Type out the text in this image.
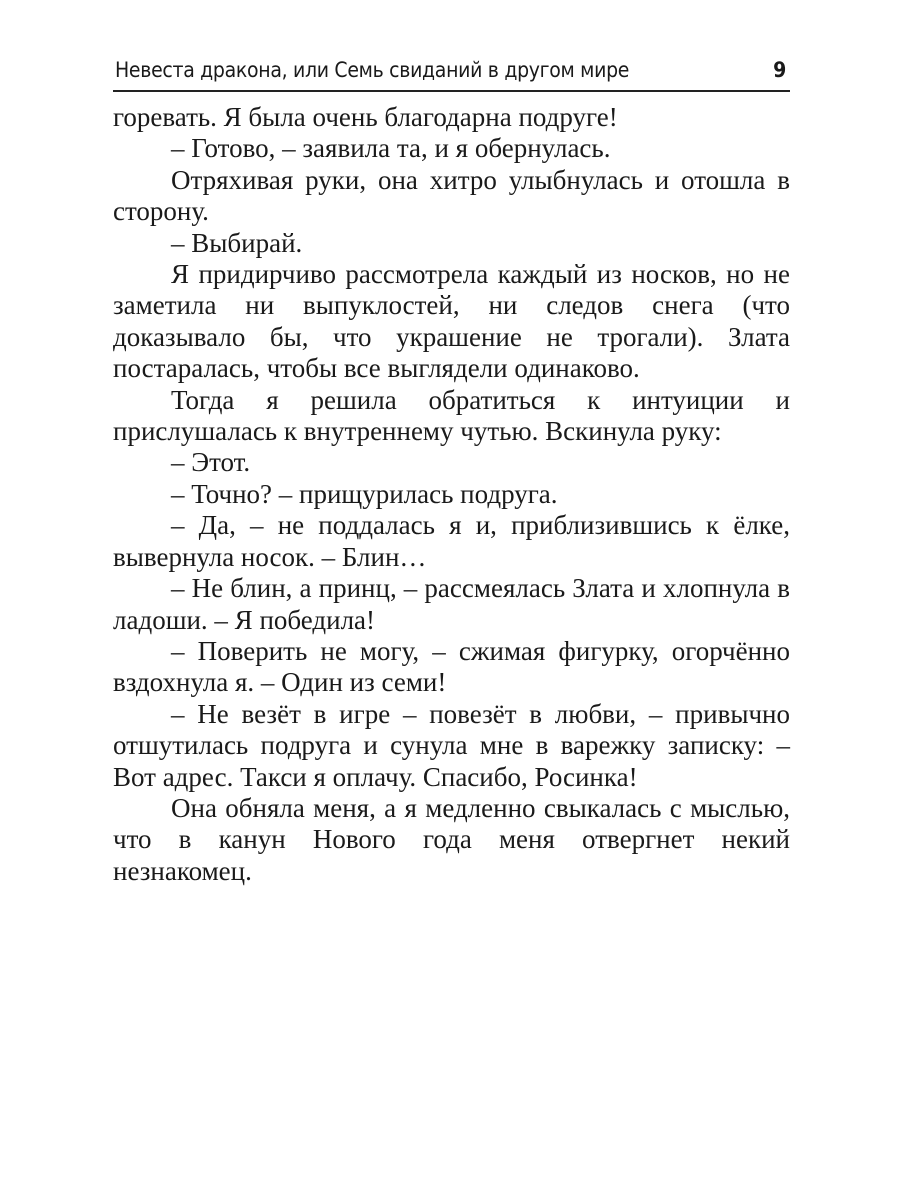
Невеста дракона, или Семь свиданий в другом мире	9

горевать. Я была очень благодарна подруге!

– Готово, – заявила та, и я обернулась.

Отряхивая руки, она хитро улыбнулась и отошла в сторону.

– Выбирай.

Я придирчиво рассмотрела каждый из носков, но не заметила ни выпуклостей, ни следов снега (что доказывало бы, что украшение не трогали). Злата постаралась, чтобы все выглядели одинаково.

Тогда я решила обратиться к интуиции и прислушалась к внутреннему чутью. Вскинула руку:

– Этот.

– Точно? – прищурилась подруга.

– Да, – не поддалась я и, приблизившись к ёлке, вывернула носок. – Блин…

– Не блин, а принц, – рассмеялась Злата и хлопнула в ладоши. – Я победила!

– Поверить не могу, – сжимая фигурку, огорчённо вздохнула я. – Один из семи!

– Не везёт в игре – повезёт в любви, – привычно отшутилась подруга и сунула мне в варежку записку: – Вот адрес. Такси я оплачу. Спасибо, Росинка!

Она обняла меня, а я медленно свыкалась с мыслью, что в канун Нового года меня отвергнет некий незнакомец.
